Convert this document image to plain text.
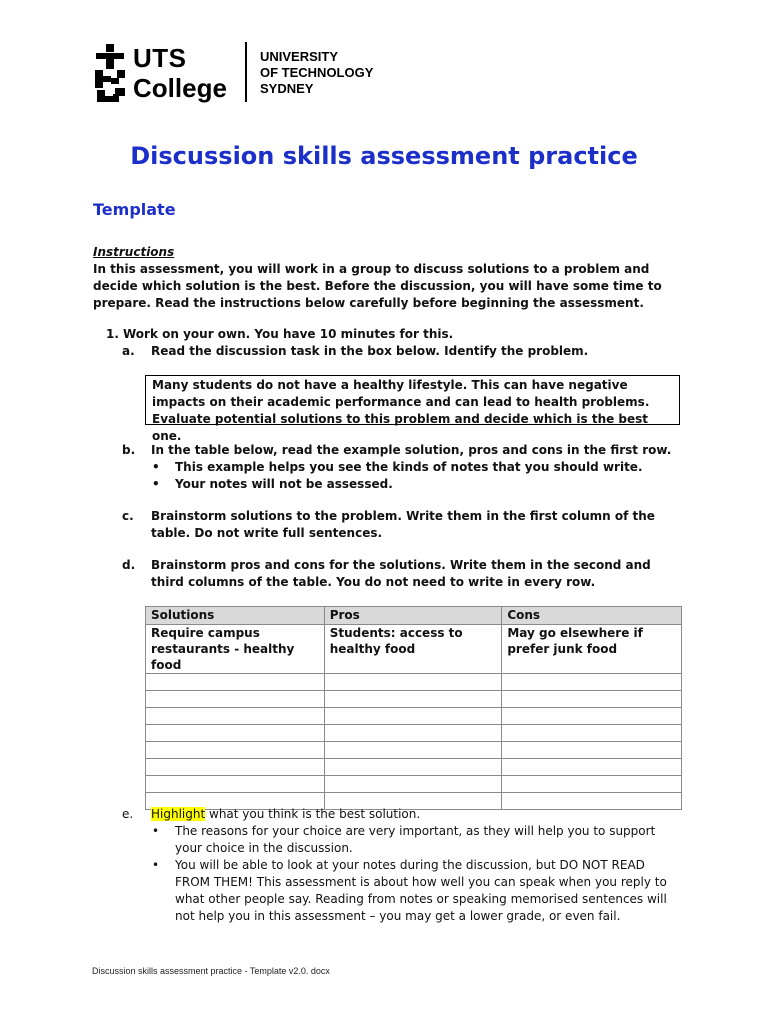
UTS
College
UNIVERSITY
OF TECHNOLOGY
SYDNEY
Discussion skills assessment practice
Template
Instructions
In this assessment, you will work in a group to discuss solutions to a problem and decide which solution is the best. Before the discussion, you will have some time to prepare. Read the instructions below carefully before beginning the assessment.
1. Work on your own. You have 10 minutes for this.
a. Read the discussion task in the box below. Identify the problem.
Many students do not have a healthy lifestyle. This can have negative impacts on their academic performance and can lead to health problems. Evaluate potential solutions to this problem and decide which is the best one.
b. In the table below, read the example solution, pros and cons in the first row.
• This example helps you see the kinds of notes that you should write.
• Your notes will not be assessed.
c. Brainstorm solutions to the problem. Write them in the first column of the table. Do not write full sentences.
d. Brainstorm pros and cons for the solutions. Write them in the second and third columns of the table. You do not need to write in every row.
Solutions	Pros	Cons
Require campus restaurants - healthy food	Students: access to healthy food	May go elsewhere if prefer junk food

e. Highlight what you think is the best solution.
• The reasons for your choice are very important, as they will help you to support your choice in the discussion.
• You will be able to look at your notes during the discussion, but DO NOT READ FROM THEM! This assessment is about how well you can speak when you reply to what other people say. Reading from notes or speaking memorised sentences will not help you in this assessment – you may get a lower grade, or even fail.
Discussion skills assessment practice - Template v2.0. docx
